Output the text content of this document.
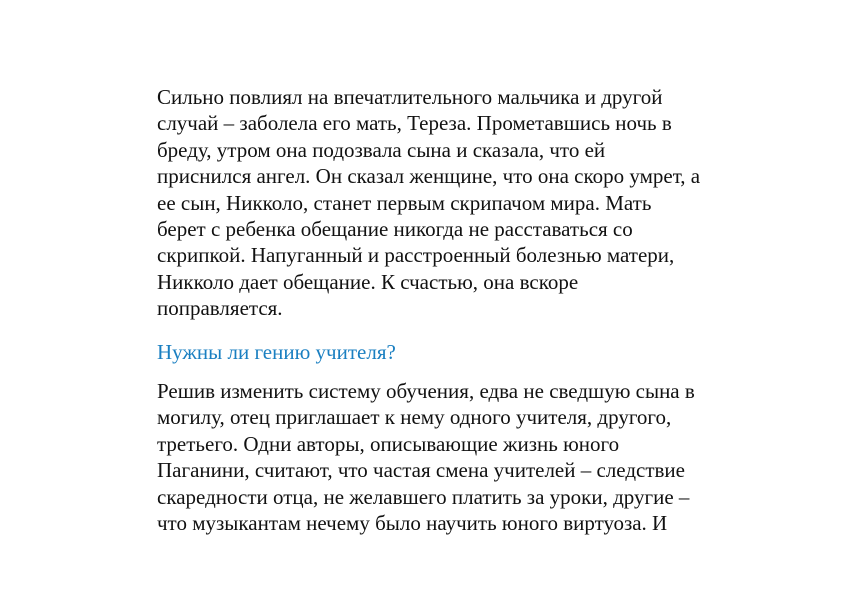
Сильно повлиял на впечатлительного мальчика и другой
случай – заболела его мать, Тереза. Прометавшись ночь в
бреду, утром она подозвала сына и сказала, что ей
приснился ангел. Он сказал женщине, что она скоро умрет, а
ее сын, Никколо, станет первым скрипачом мира. Мать
берет с ребенка обещание никогда не расставаться со
скрипкой. Напуганный и расстроенный болезнью матери,
Никколо дает обещание. К счастью, она вскоре
поправляется.

Нужны ли гению учителя?

Решив изменить систему обучения, едва не сведшую сына в
могилу, отец приглашает к нему одного учителя, другого,
третьего. Одни авторы, описывающие жизнь юного
Паганини, считают, что частая смена учителей – следствие
скаредности отца, не желавшего платить за уроки, другие –
что музыкантам нечему было научить юного виртуоза. И
